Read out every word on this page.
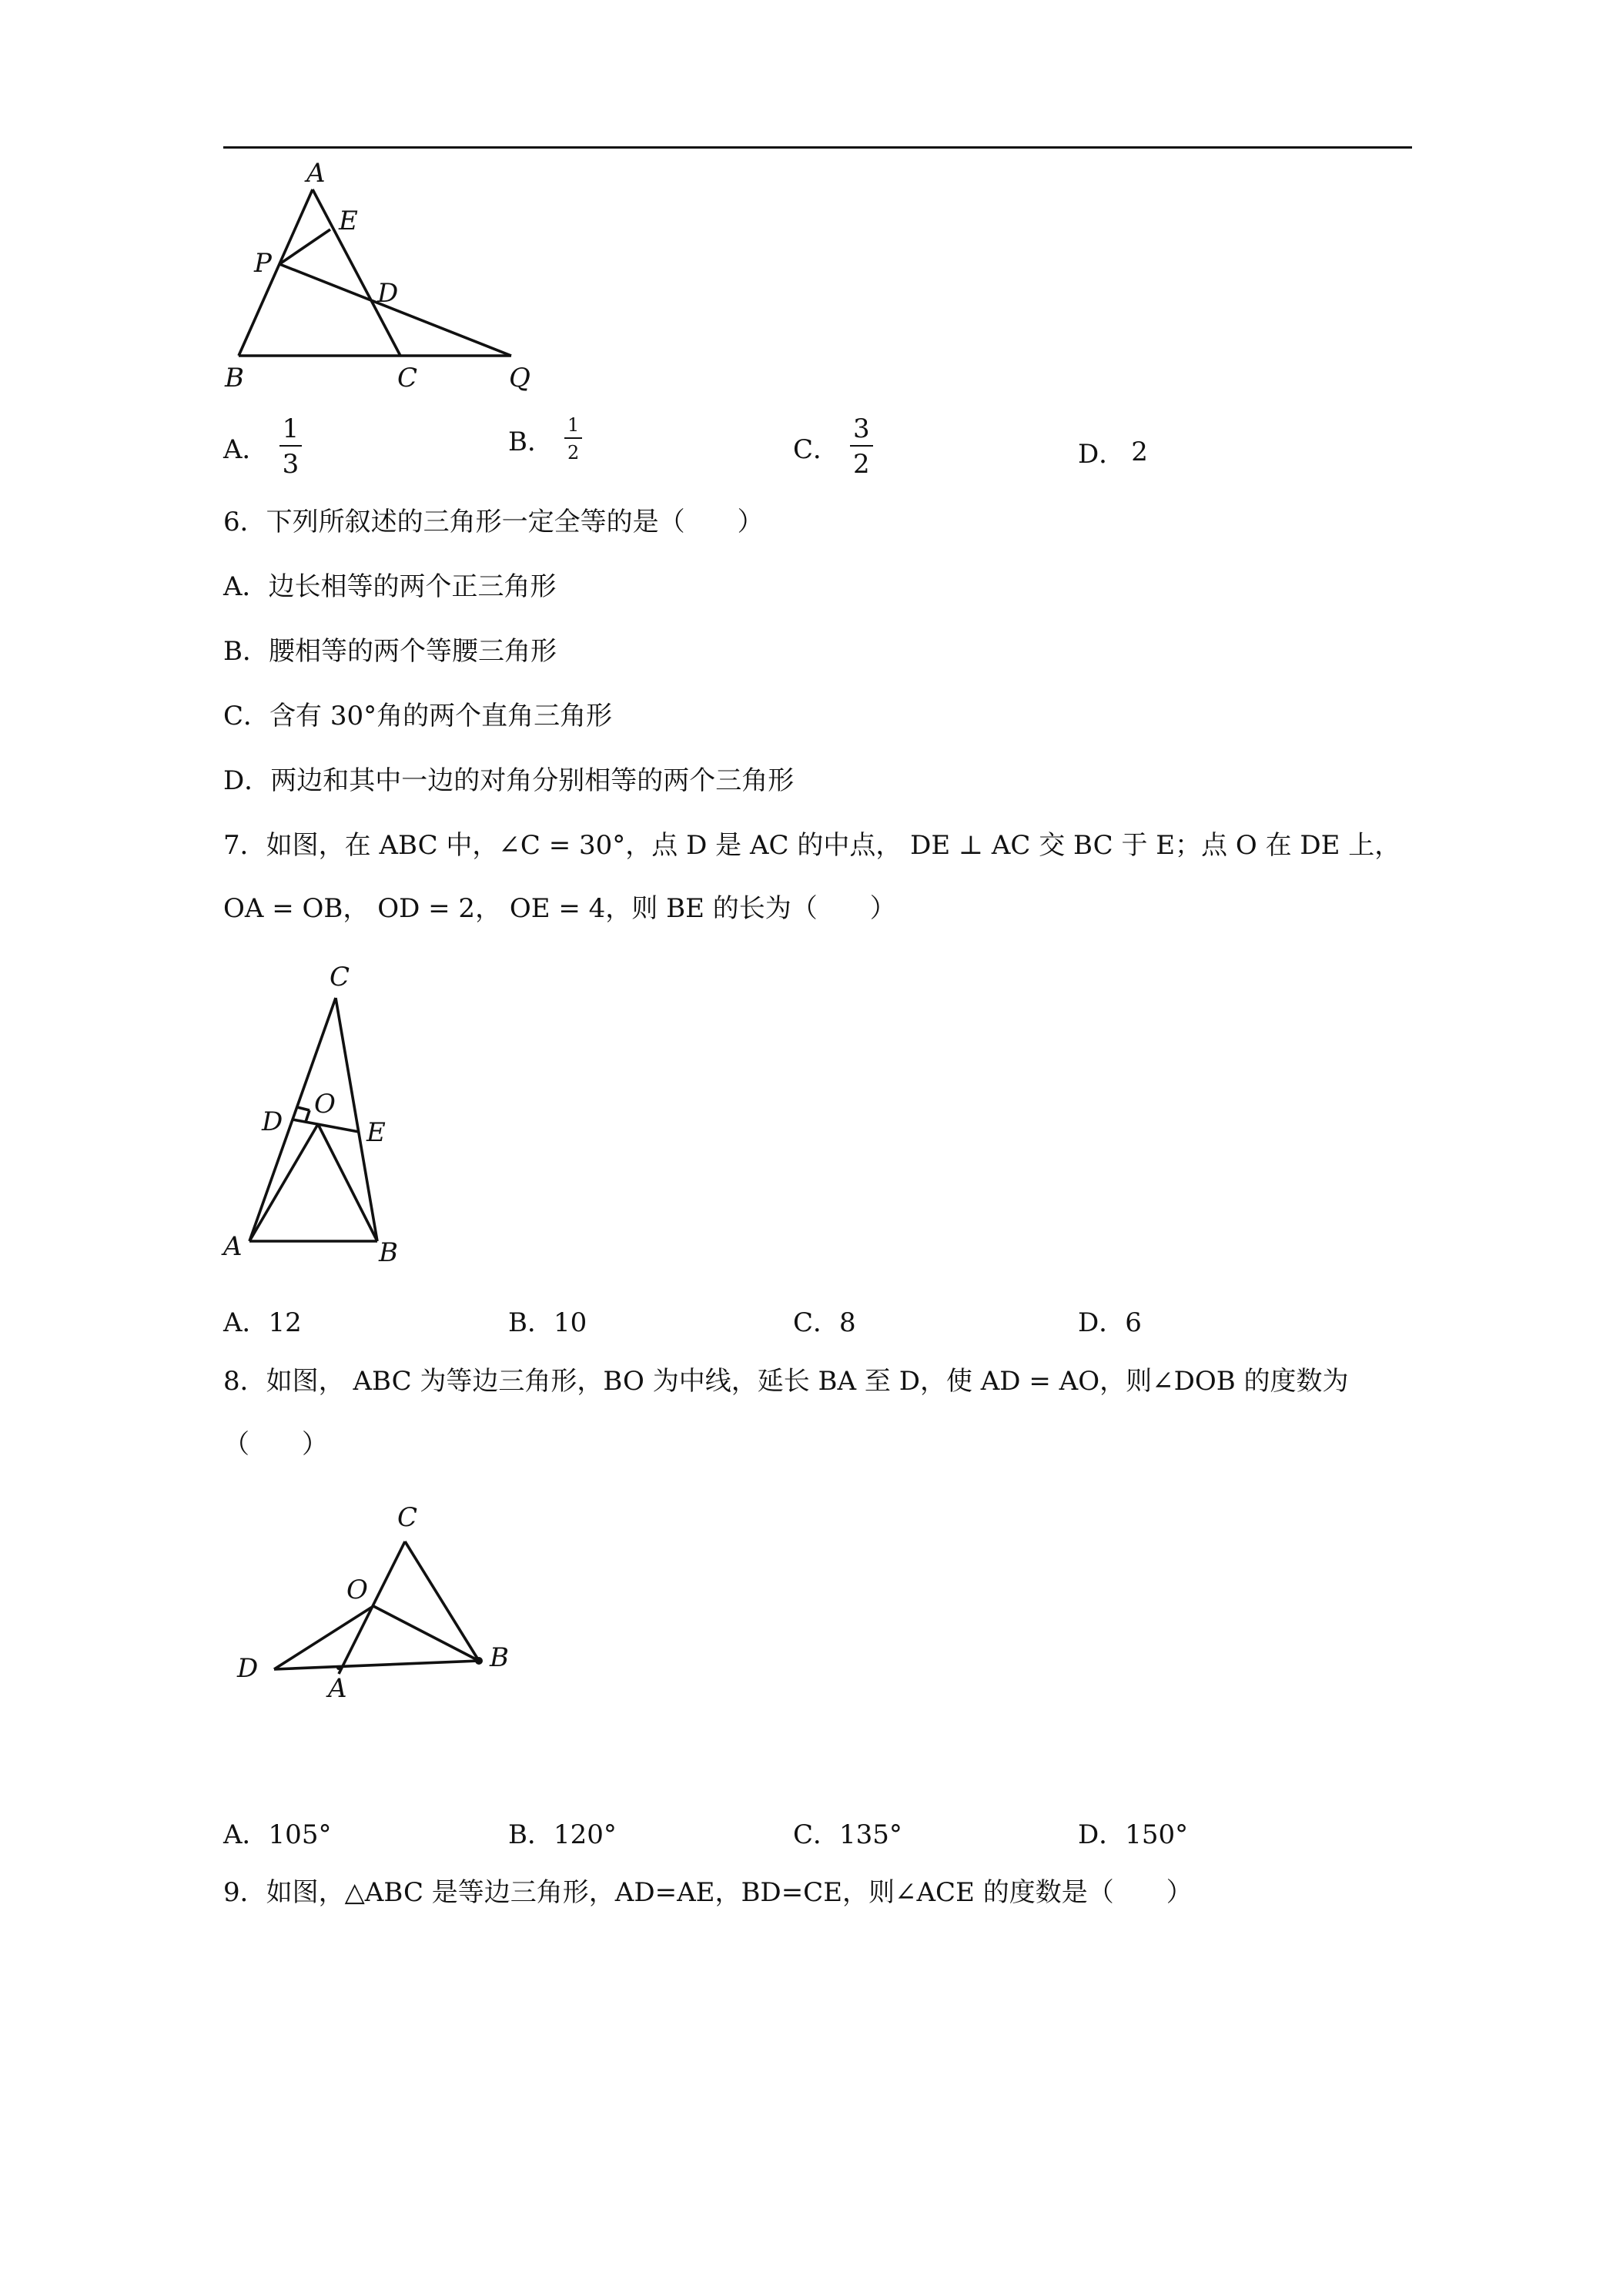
A
E
P
D
B	C	Q
A． $\frac{1}{3}$	B． $\frac{1}{2}$	C． $\frac{3}{2}$	D． 2
6．下列所叙述的三角形一定全等的是（　　）
A．边长相等的两个正三角形
B．腰相等的两个等腰三角形
C．含有 30°角的两个直角三角形
D．两边和其中一边的对角分别相等的两个三角形
7．如图，在 ABC 中，∠C = 30°，点 D 是 AC 的中点， DE ⊥ AC 交 BC 于 E；点 O 在 DE 上，
OA = OB， OD = 2， OE = 4，则 BE 的长为（　　）
C
D
O
E
A	B
A．12	B．10	C．8	D．6
8．如图， ABC 为等边三角形，BO 为中线，延长 BA 至 D，使 AD = AO，则∠DOB 的度数为
（　　）
C
O
D
A
B
A．105°	B．120°	C．135°	D．150°
9．如图，△ABC 是等边三角形，AD=AE，BD=CE，则∠ACE 的度数是（　　）
